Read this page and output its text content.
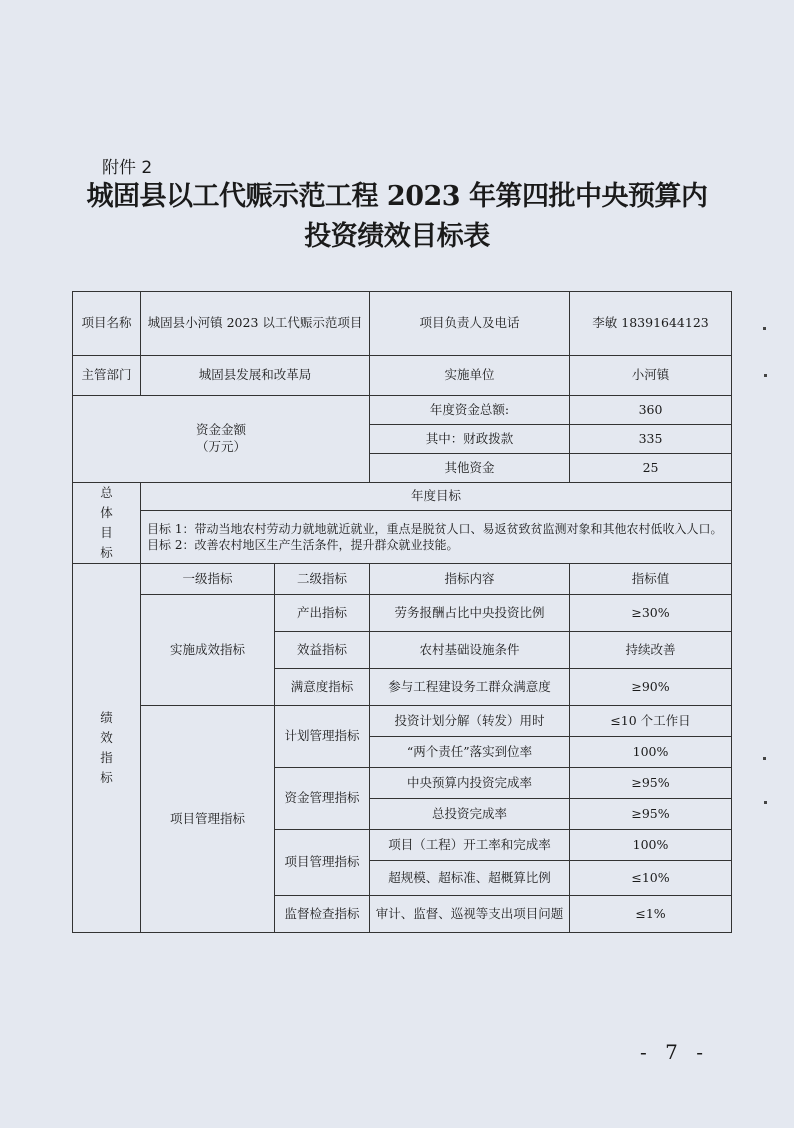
附件 2
城固县以工代赈示范工程 2023 年第四批中央预算内
投资绩效目标表
项目名称	城固县小河镇 2023 以工代赈示范项目		项目负责人及电话	李敏 18391644123
主管部门	城固县发展和改革局		实施单位	小河镇

资金金额
（万元）			年度资金总额:	360
			其中：财政拨款	335
			其他资金	25

总
体
目
标	年度目标			

	目标 1：带动当地农村劳动力就地就近就业，重点是脱贫人口、易返贫致贫监测对象和其他农村低收入人口。
目标 2：改善农村地区生产生活条件，提升群众就业技能。			

绩
效
指
标	一级指标	二级指标	指标内容	指标值
	实施成效指标	产出指标	劳务报酬占比中央投资比例	≥30%
		效益指标	农村基础设施条件	持续改善
		满意度指标	参与工程建设务工群众满意度	≥90%
	项目管理指标	计划管理指标	投资计划分解（转发）用时	≤10 个工作日
			“两个责任”落实到位率	100%
		资金管理指标	中央预算内投资完成率	≥95%
			总投资完成率	≥95%
		项目管理指标	项目（工程）开工率和完成率	100%
			超规模、超标准、超概算比例	≤10%
		监督检查指标	审计、监督、巡视等支出项目问题	≤1%
- 7 -
